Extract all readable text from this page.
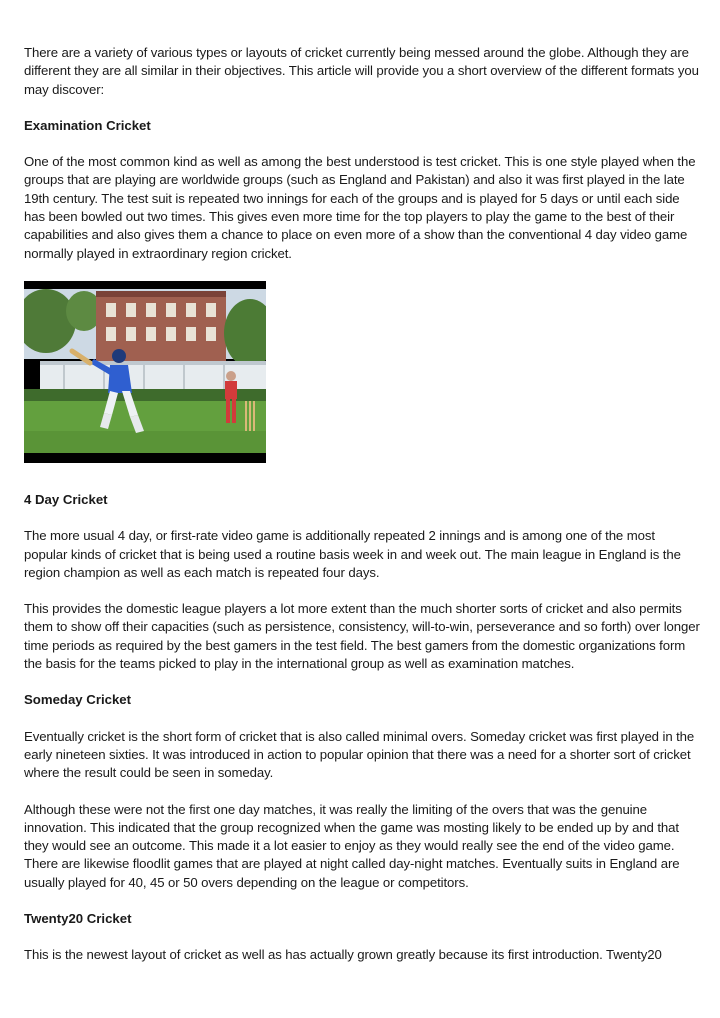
There are a variety of various types or layouts of cricket currently being messed around the globe. Although they are different they are all similar in their objectives. This article will provide you a short overview of the different formats you may discover:

Examination Cricket

One of the most common kind as well as among the best understood is test cricket. This is one style played when the groups that are playing are worldwide groups (such as England and Pakistan) and also it was first played in the late 19th century. The test suit is repeated two innings for each of the groups and is played for 5 days or until each side has been bowled out two times. This gives even more time for the top players to play the game to the best of their capabilities and also gives them a chance to place on even more of a show than the conventional 4 day video game normally played in extraordinary region cricket.

4 Day Cricket

The more usual 4 day, or first-rate video game is additionally repeated 2 innings and is among one of the most popular kinds of cricket that is being used a routine basis week in and week out. The main league in England is the region champion as well as each match is repeated four days.

This provides the domestic league players a lot more extent than the much shorter sorts of cricket and also permits them to show off their capacities (such as persistence, consistency, will-to-win, perseverance and so forth) over longer time periods as required by the best gamers in the test field. The best gamers from the domestic organizations form the basis for the teams picked to play in the international group as well as examination matches.

Someday Cricket

Eventually cricket is the short form of cricket that is also called minimal overs. Someday cricket was first played in the early nineteen sixties. It was introduced in action to popular opinion that there was a need for a shorter sort of cricket where the result could be seen in someday.

Although these were not the first one day matches, it was really the limiting of the overs that was the genuine innovation. This indicated that the group recognized when the game was mosting likely to be ended up by and that they would see an outcome. This made it a lot easier to enjoy as they would really see the end of the video game. There are likewise floodlit games that are played at night called day-night matches. Eventually suits in England are usually played for 40, 45 or 50 overs depending on the league or competitors.

Twenty20 Cricket

This is the newest layout of cricket as well as has actually grown greatly because its first introduction. Twenty20
